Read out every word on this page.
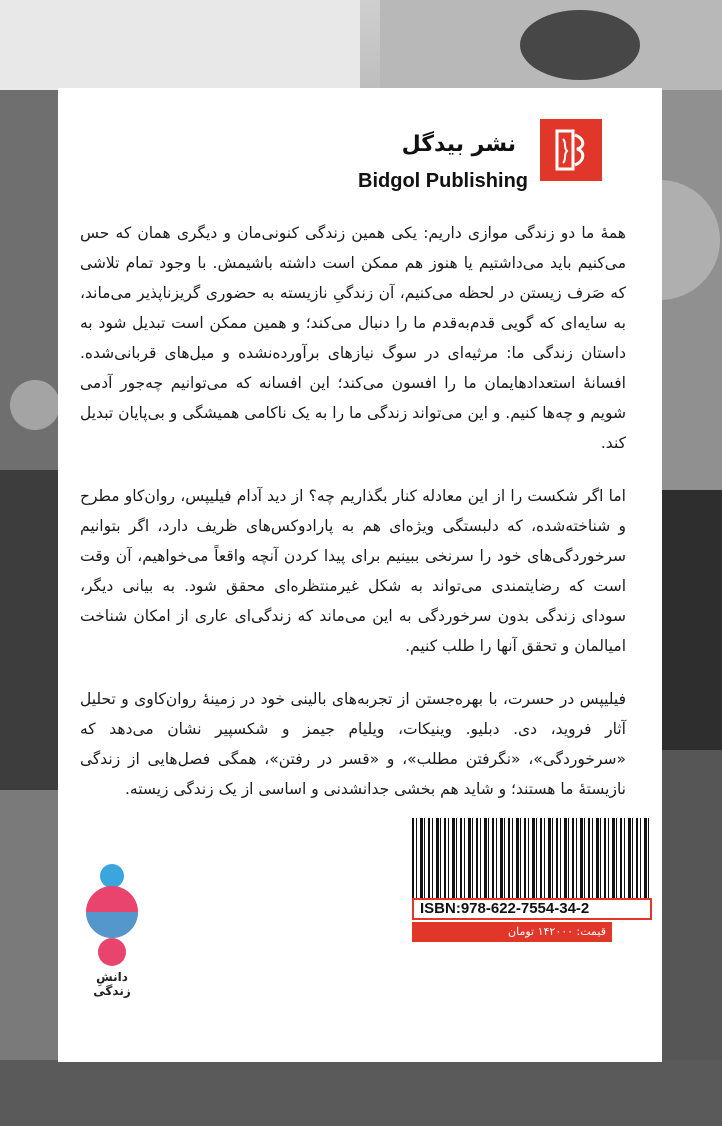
نشر بیدگل
Bidgol Publishing

همهٔ ما دو زندگی موازی داریم: یکی همین زندگی کنونی‌مان و دیگری همان که حس می‌کنیم باید می‌داشتیم یا هنوز هم ممکن است داشته باشیمش. با وجود تمام تلاشی که صَرف زیستن در لحظه می‌کنیم، آن زندگیِ نازیسته به حضوری گریزناپذیر می‌ماند، به سایه‌ای که گویی قدم‌به‌قدم ما را دنبال می‌کند؛ و همین ممکن است تبدیل شود به داستان زندگی ما: مرثیه‌ای در سوگ نیازهای برآورده‌نشده و میل‌های قربانی‌شده. افسانهٔ استعدادهایمان ما را افسون می‌کند؛ این افسانه که می‌توانیم چه‌جور آدمی شویم و چه‌ها کنیم. و این می‌تواند زندگی ما را به یک ناکامی همیشگی و بی‌پایان تبدیل کند.

اما اگر شکست را از این معادله کنار بگذاریم چه؟ از دید آدام فیلیپس، روان‌کاو مطرح و شناخته‌شده، که دلبستگی ویژه‌ای هم به پارادوکس‌های ظریف دارد، اگر بتوانیم سرخوردگی‌های خود را سرنخی ببینیم برای پیدا کردن آنچه واقعاً می‌خواهیم، آن وقت است که رضایتمندی می‌تواند به شکل غیرمنتظره‌ای محقق شود. به بیانی دیگر، سودای زندگی بدون سرخوردگی به این می‌ماند که زندگی‌ای عاری از امکان شناخت امیالمان و تحقق آنها را طلب کنیم.

فیلیپس در حسرت، با بهره‌جستن از تجربه‌های بالینی خود در زمینهٔ روان‌کاوی و تحلیل آثار فروید، دی. دبلیو. وینیکات، ویلیام جیمز و شکسپیر نشان می‌دهد که «سرخوردگی»، «نگرفتن مطلب»، و «قسر در رفتن»، همگی فصل‌هایی از زندگی نازیستهٔ ما هستند؛ و شاید هم بخشی جدانشدنی و اساسی از یک زندگی زیسته.

دانشِ زندگی
ISBN:978-622-7554-34-2
قیمت: ۱۴۲۰۰۰ تومان
